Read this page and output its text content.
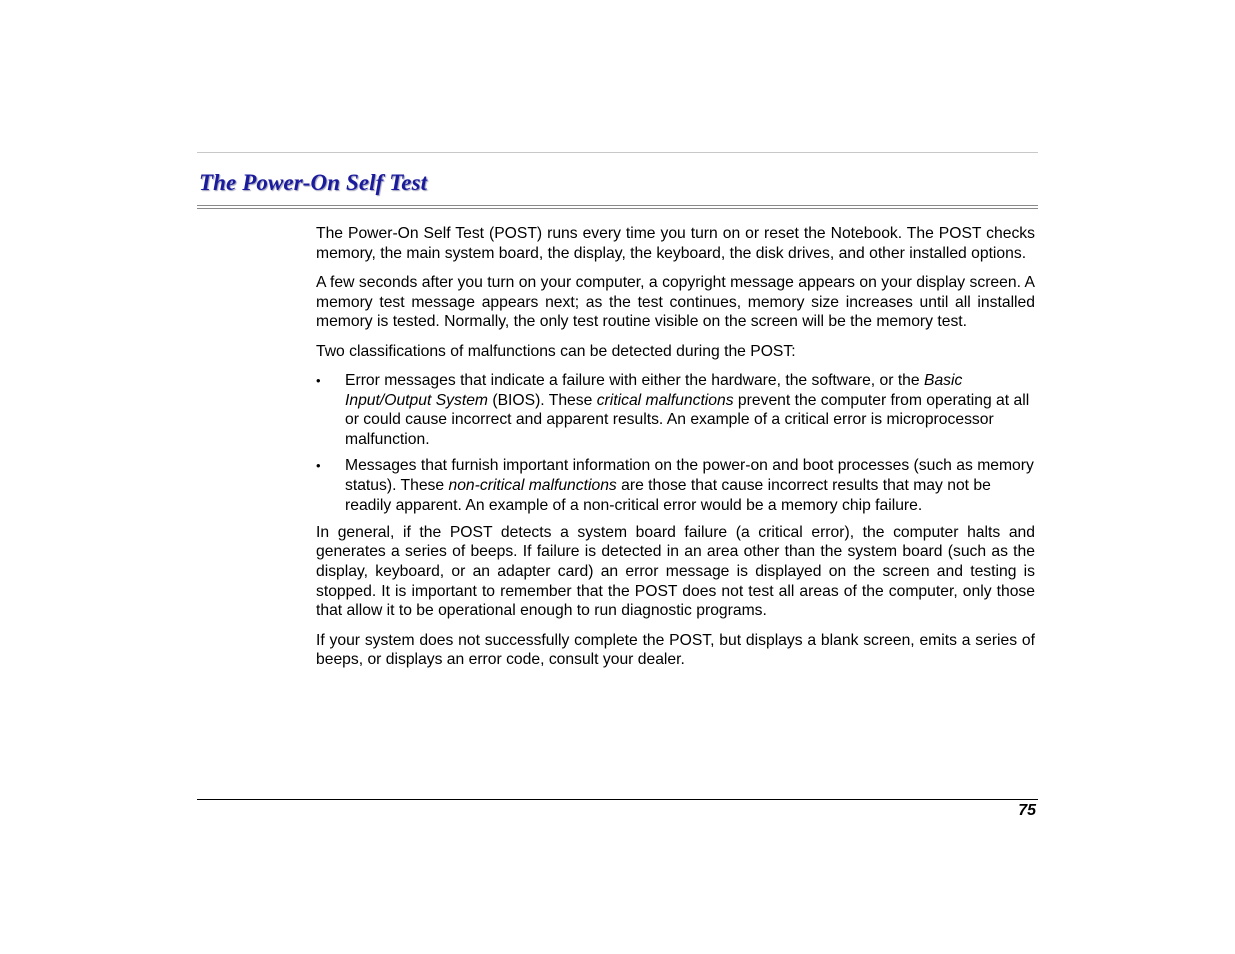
The Power-On Self Test

The Power-On Self Test (POST) runs every time you turn on or reset the Notebook. The POST checks memory, the main system board, the display, the keyboard, the disk drives, and other installed options.

A few seconds after you turn on your computer, a copyright message appears on your display screen. A memory test message appears next; as the test continues, memory size increases until all installed memory is tested. Normally, the only test routine visible on the screen will be the memory test.

Two classifications of malfunctions can be detected during the POST:

• Error messages that indicate a failure with either the hardware, the software, or the Basic Input/Output System (BIOS). These critical malfunctions prevent the computer from operating at all or could cause incorrect and apparent results. An example of a critical error is microprocessor malfunction.
• Messages that furnish important information on the power-on and boot processes (such as memory status). These non-critical malfunctions are those that cause incorrect results that may not be readily apparent. An example of a non-critical error would be a memory chip failure.

In general, if the POST detects a system board failure (a critical error), the computer halts and generates a series of beeps. If failure is detected in an area other than the system board (such as the display, keyboard, or an adapter card) an error message is displayed on the screen and testing is stopped. It is important to remember that the POST does not test all areas of the computer, only those that allow it to be operational enough to run diagnostic programs.

If your system does not successfully complete the POST, but displays a blank screen, emits a series of beeps, or displays an error code, consult your dealer.

75
